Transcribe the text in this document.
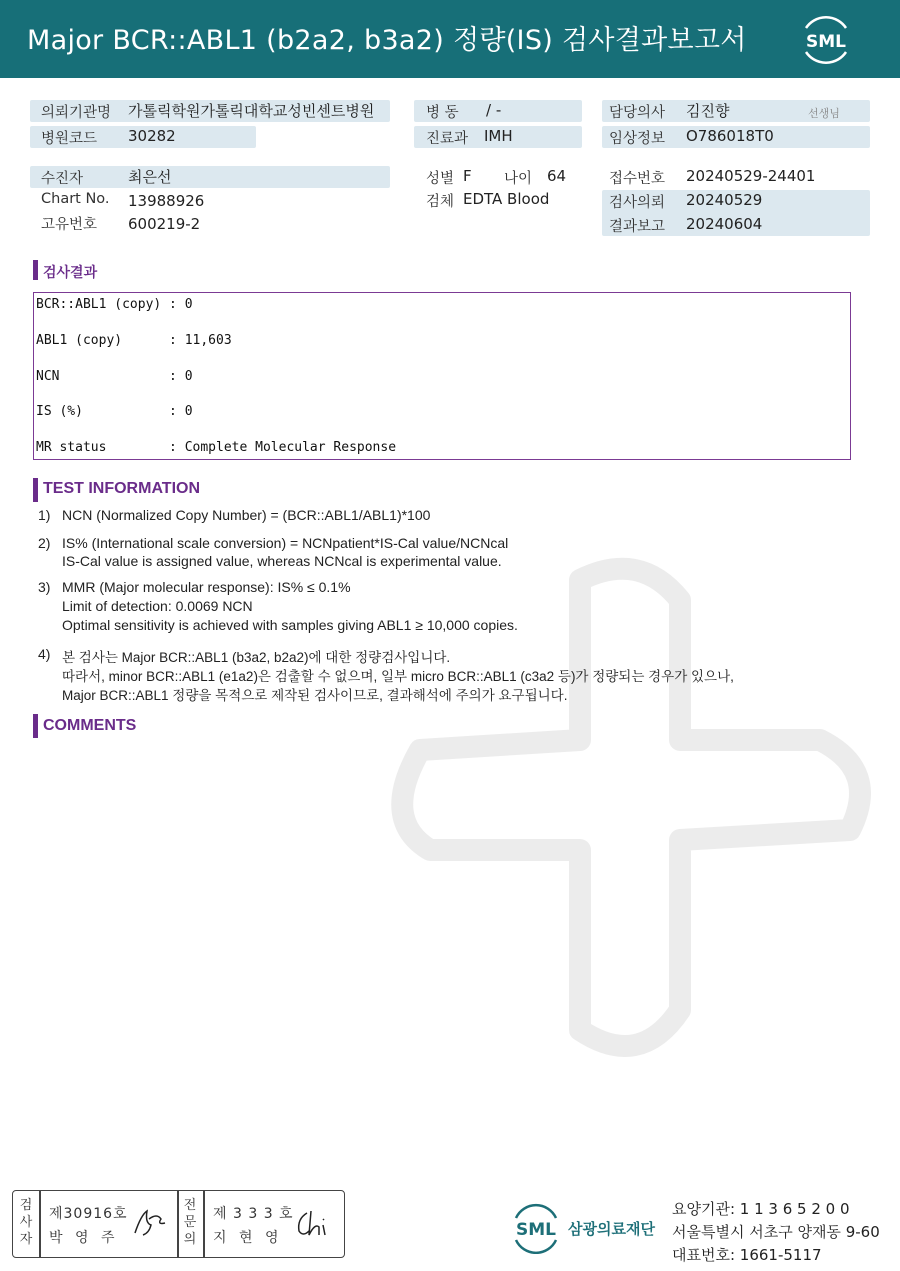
Major BCR::ABL1 (b2a2, b3a2) 정량(IS) 검사결과보고서	SML
의뢰기관명 가톨릭학원가톨릭대학교성빈센트병원
병원코드 30282
병 동 / -
진료과 IMH
담당의사 김진향	선생님
임상정보 O786018T0
수진자	최은선
Chart No. 13988926
고유번호 600219-2
성별 F 나이 64
검체 EDTA Blood
접수번호 20240529-24401
검사의뢰 20240529
결과보고 20240604
검사결과
BCR::ABL1 (copy) : 0
ABL1 (copy)      : 11,603
NCN              : 0
IS (%)           : 0
MR status        : Complete Molecular Response
TEST INFORMATION
1) NCN (Normalized Copy Number) = (BCR::ABL1/ABL1)*100
2) IS% (International scale conversion) = NCNpatient*IS-Cal value/NCNcal
IS-Cal value is assigned value, whereas NCNcal is experimental value.
3) MMR (Major molecular response): IS% ≤ 0.1%
Limit of detection: 0.0069 NCN
Optimal sensitivity is achieved with samples giving ABL1 ≥ 10,000 copies.
4) 본 검사는 Major BCR::ABL1 (b3a2, b2a2)에 대한 정량검사입니다.
따라서, minor BCR::ABL1 (e1a2)은 검출할 수 없으며, 일부 micro BCR::ABL1 (c3a2 등)가 정량되는 경우가 있으나,
Major BCR::ABL1 정량을 목적으로 제작된 검사이므로, 결과해석에 주의가 요구됩니다.
COMMENTS
검사자
제30916호
박 영 주
전문의
제 3 3 3 호
지 현 영	SML 삼광의료재단
요양기관: 1 1 3 6 5 2 0 0
서울특별시 서초구 양재동 9-60
대표번호: 1661-5117
